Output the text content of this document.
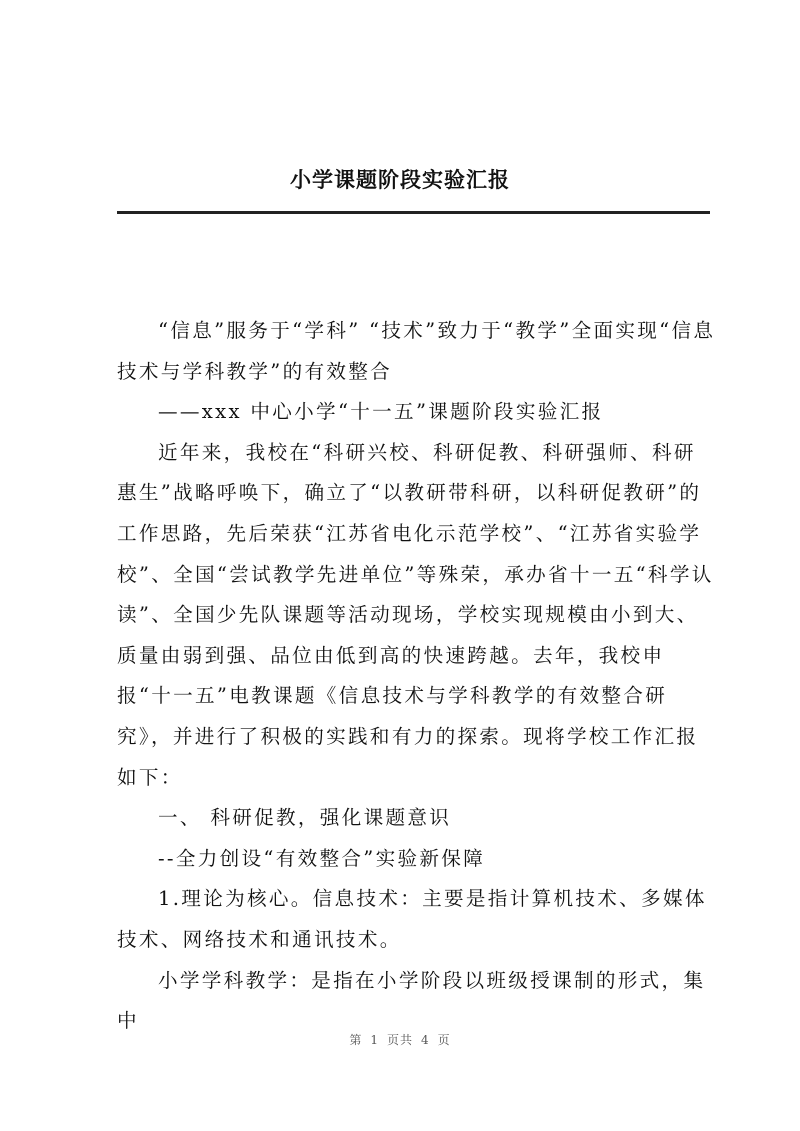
小学课题阶段实验汇报

“信息”服务于“学科” “技术”致力于“教学”全面实现“信息技术与学科教学”的有效整合

——xxx 中心小学“十一五”课题阶段实验汇报

近年来，我校在“科研兴校、科研促教、科研强师、科研惠生”战略呼唤下，确立了“以教研带科研，以科研促教研”的工作思路，先后荣获“江苏省电化示范学校”、“江苏省实验学校”、全国“尝试教学先进单位”等殊荣，承办省十一五“科学认读”、全国少先队课题等活动现场，学校实现规模由小到大、质量由弱到强、品位由低到高的快速跨越。去年，我校申报“十一五”电教课题《信息技术与学科教学的有效整合研究》，并进行了积极的实践和有力的探索。现将学校工作汇报如下：

一、 科研促教，强化课题意识

--全力创设“有效整合”实验新保障

1.理论为核心。信息技术：主要是指计算机技术、多媒体技术、网络技术和通讯技术。

小学学科教学：是指在小学阶段以班级授课制的形式，集中

第 1 页共 4 页
